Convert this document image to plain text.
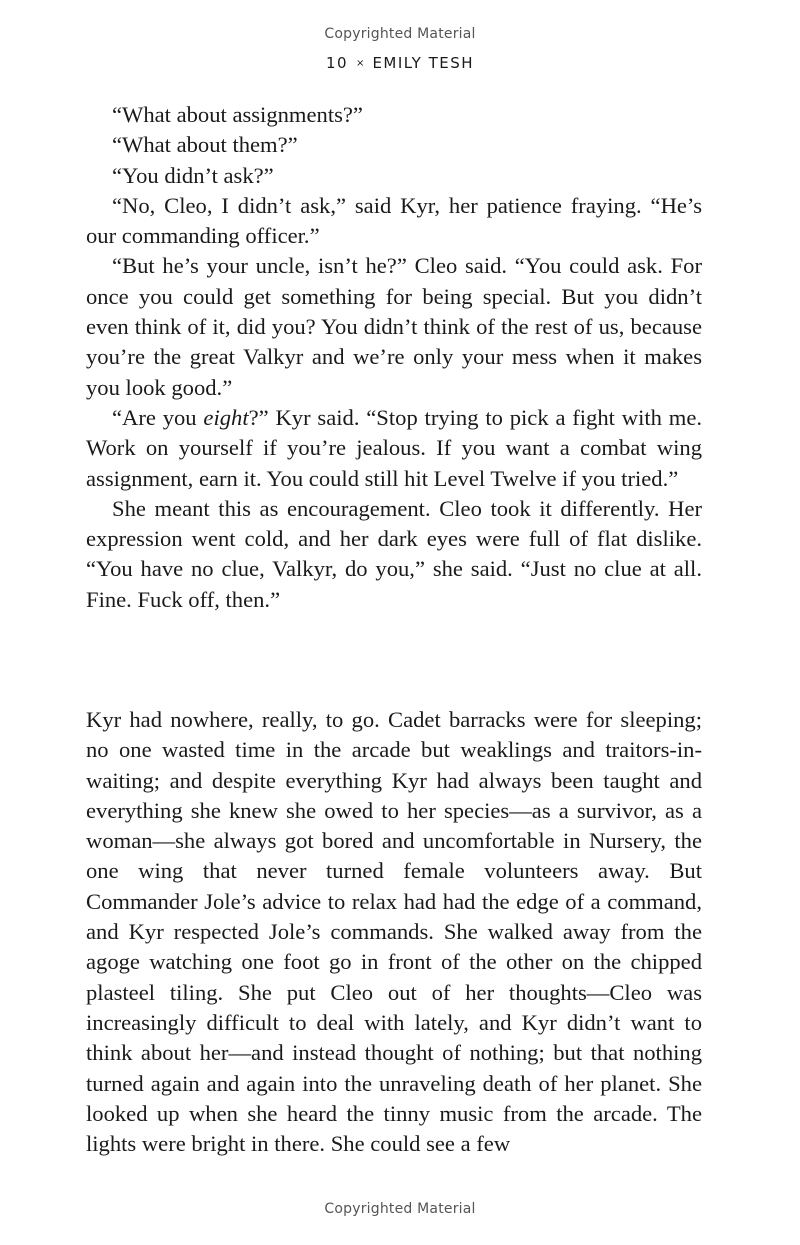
Copyrighted Material
10 × EMILY TESH

“What about assignments?”

“What about them?”

“You didn’t ask?”

“No, Cleo, I didn’t ask,” said Kyr, her patience fraying. “He’s our commanding officer.”

“But he’s your uncle, isn’t he?” Cleo said. “You could ask. For once you could get something for being special. But you didn’t even think of it, did you? You didn’t think of the rest of us, because you’re the great Valkyr and we’re only your mess when it makes you look good.”

“Are you eight?” Kyr said. “Stop trying to pick a fight with me. Work on yourself if you’re jealous. If you want a combat wing assignment, earn it. You could still hit Level Twelve if you tried.”

She meant this as encouragement. Cleo took it differently. Her expression went cold, and her dark eyes were full of flat dislike. “You have no clue, Valkyr, do you,” she said. “Just no clue at all. Fine. Fuck off, then.”

Kyr had nowhere, really, to go. Cadet barracks were for sleeping; no one wasted time in the arcade but weaklings and traitors-in-waiting; and despite everything Kyr had always been taught and everything she knew she owed to her species—as a survivor, as a woman—she always got bored and uncomfortable in Nursery, the one wing that never turned female volunteers away. But Commander Jole’s advice to relax had had the edge of a command, and Kyr respected Jole’s commands. She walked away from the agoge watching one foot go in front of the other on the chipped plasteel tiling. She put Cleo out of her thoughts—Cleo was increasingly difficult to deal with lately, and Kyr didn’t want to think about her—and instead thought of nothing; but that nothing turned again and again into the unraveling death of her planet. She looked up when she heard the tinny music from the arcade. The lights were bright in there. She could see a few

Copyrighted Material
